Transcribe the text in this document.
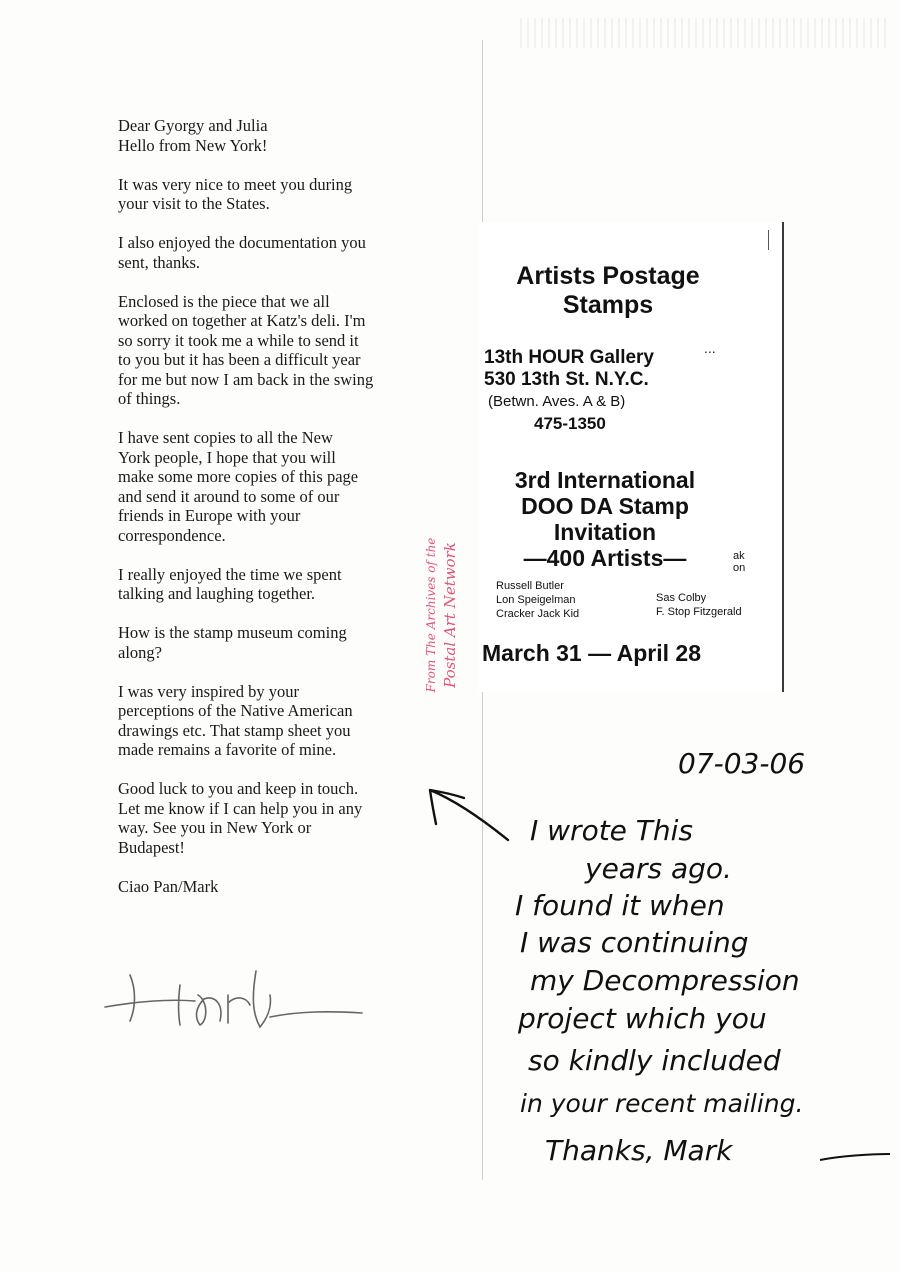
Dear Gyorgy and Julia
Hello from New York!

It was very nice to meet you during
your visit to the States.

I also enjoyed the documentation you
sent, thanks.

Enclosed is the piece that we all
worked on together at Katz's deli. I'm
so sorry it took me a while to send it
to you but it has been a difficult year
for me but now I am back in the swing
of things.

I have sent copies to all the New
York people, I hope that you will
make some more copies of this page
and send it around to some of our
friends in Europe with your
correspondence.

I really enjoyed the time we spent
talking and laughing together.

How is the stamp museum coming
along?

I was very inspired by your
perceptions of the Native American
drawings etc. That stamp sheet you
made remains a favorite of mine.

Good luck to you and keep in touch.
Let me know if I can help you in any
way. See you in New York or
Budapest!

Ciao Pan/Mark

Artists Postage
Stamps
...
13th HOUR Gallery
530 13th St. N.Y.C.
(Betwn. Aves. A & B)
475-1350
3rd International
DOO DA Stamp
Invitation
—400 Artists—	ak
on
Russell Butler
Lon Speigelman
Cracker Jack Kid
Sas Colby
F. Stop Fitzgerald
March 31 — April 28
From The Archives of the Postal Art Network
07-03-06
I wrote This
years ago.
I found it when
I was continuing
my Decompression
project which you
so kindly included
in your recent mailing.
Thanks, Mark
